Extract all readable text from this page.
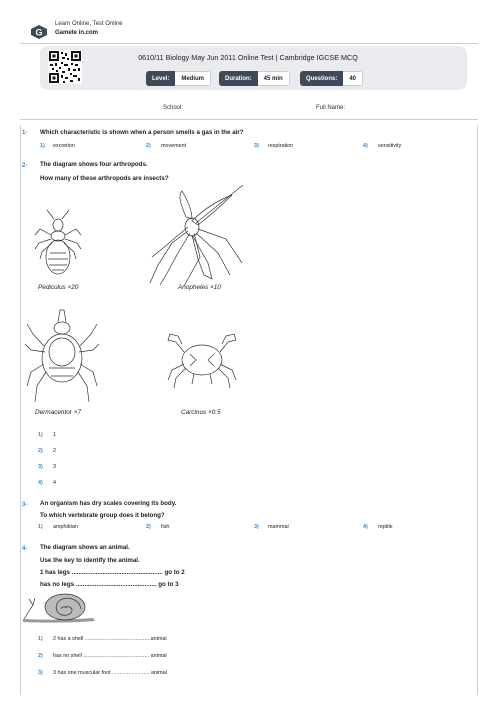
G
Learn Online, Test Online
Gamete in.com
0610/11 Biology May Jun 2011 Online Test | Cambridge IGCSE MCQ
Level:	Medium	Duration:	45 min	Questions:	40
School:	Full Name:
1- Which characteristic is shown when a person smells a gas in the air?
1) excretion	2) movement	3) respiration	4) sensitivity
2- The diagram shows four arthropods.
How many of these arthropods are insects?
Pediculus ×20	Anopheles ×10
Dermacentor ×7	Carcinus ×0.5
1) 1
2) 2
3) 3
4) 4
3- An organism has dry scales covering its body.
To which vertebrate group does it belong?
1) amphibian	2) fish	3) mammal	4) reptile
4- The diagram shows an animal.
Use the key to identify the animal.
1 has legs ..................................................... go to 2
has no legs ............................................... go to 3
1) 2 has a shell ............................................animal
2) has no shell ............................................ animal
3) 3 has one muscular foot ......................... animal
